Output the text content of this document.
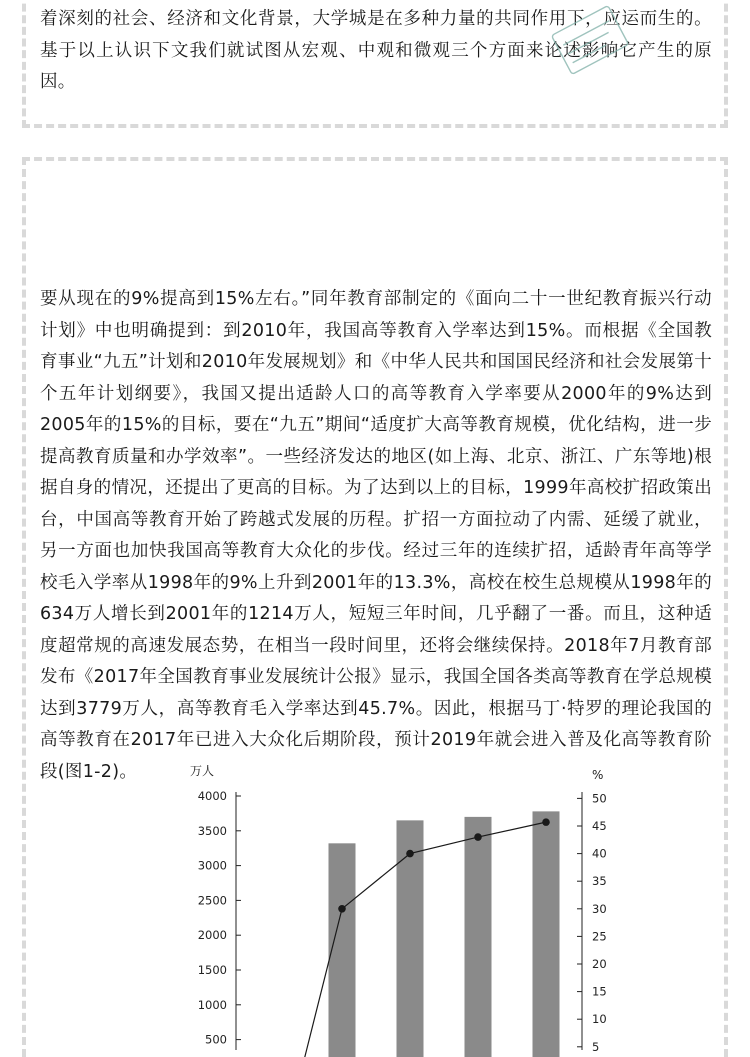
着深刻的社会、经济和文化背景，大学城是在多种力量的共同作用下，应运而生的。基于以上认识下文我们就试图从宏观、中观和微观三个方面来论述影响它产生的原因。

要从现在的9%提高到15%左右。”同年教育部制定的《面向二十一世纪教育振兴行动计划》中也明确提到：到2010年，我国高等教育入学率达到15%。而根据《全国教育事业“九五”计划和2010年发展规划》和《中华人民共和国国民经济和社会发展第十个五年计划纲要》，我国又提出适龄人口的高等教育入学率要从2000年的9%达到2005年的15%的目标，要在“九五”期间“适度扩大高等教育规模，优化结构，进一步提高教育质量和办学效率”。一些经济发达的地区(如上海、北京、浙江、广东等地)根据自身的情况，还提出了更高的目标。为了达到以上的目标，1999年高校扩招政策出台，中国高等教育开始了跨越式发展的历程。扩招一方面拉动了内需、延缓了就业，另一方面也加快我国高等教育大众化的步伐。经过三年的连续扩招，适龄青年高等学校毛入学率从1998年的9%上升到2001年的13.3%，高校在校生总规模从1998年的634万人增长到2001年的1214万人，短短三年时间，几乎翻了一番。而且，这种适度超常规的高速发展态势，在相当一段时间里，还将会继续保持。2018年7月教育部发布《2017年全国教育事业发展统计公报》显示，我国全国各类高等教育在学总规模达到3779万人，高等教育毛入学率达到45.7%。因此，根据马丁·特罗的理论我国的高等教育在2017年已进入大众化后期阶段，预计2019年就会进入普及化高等教育阶段(图1-2)。	万人	%
500
1000
1500
2000
2500
3000
3500
4000
5
10
15
20
25
30
35
40
45
50
